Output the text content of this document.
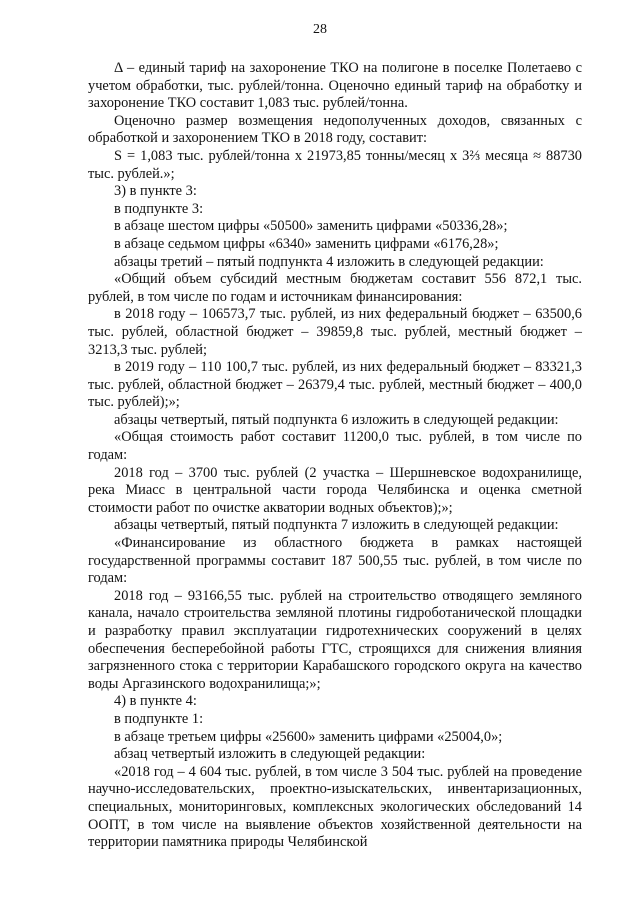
28

Δ – единый тариф на захоронение ТКО на полигоне в поселке Полетаево с учетом обработки, тыс. рублей/тонна. Оценочно единый тариф на обработку и захоронение ТКО составит 1,083 тыс. рублей/тонна.

Оценочно размер возмещения недополученных доходов, связанных с обработкой и захоронением ТКО в 2018 году, составит:

S = 1,083 тыс. рублей/тонна х 21973,85 тонны/месяц х 3⅔ месяца ≈ 88730 тыс. рублей.»;

3) в пункте 3:

в подпункте 3:

в абзаце шестом цифры «50500» заменить цифрами «50336,28»;

в абзаце седьмом цифры «6340» заменить цифрами «6176,28»;

абзацы третий – пятый подпункта 4 изложить в следующей редакции:

«Общий объем субсидий местным бюджетам составит 556 872,1 тыс. рублей, в том числе по годам и источникам финансирования:

в 2018 году – 106573,7 тыс. рублей, из них федеральный бюджет – 63500,6 тыс. рублей, областной бюджет – 39859,8 тыс. рублей, местный бюджет – 3213,3 тыс. рублей;

в 2019 году – 110 100,7 тыс. рублей, из них федеральный бюджет – 83321,3 тыс. рублей, областной бюджет – 26379,4 тыс. рублей, местный бюджет – 400,0 тыс. рублей);»;

абзацы четвертый, пятый подпункта 6 изложить в следующей редакции:

«Общая стоимость работ составит 11200,0 тыс. рублей, в том числе по годам:

2018 год – 3700 тыс. рублей (2 участка – Шершневское водохранилище, река Миасс в центральной части города Челябинска и оценка сметной стоимости работ по очистке акватории водных объектов);»;

абзацы четвертый, пятый подпункта 7 изложить в следующей редакции:

«Финансирование из областного бюджета в рамках настоящей государственной программы составит 187 500,55 тыс. рублей, в том числе по годам:

2018 год – 93166,55 тыс. рублей на строительство отводящего земляного канала, начало строительства земляной плотины гидроботанической площадки и разработку правил эксплуатации гидротехнических сооружений в целях обеспечения бесперебойной работы ГТС, строящихся для снижения влияния загрязненного стока с территории Карабашского городского округа на качество воды Аргазинского водохранилища;»;

4) в пункте 4:

в подпункте 1:

в абзаце третьем цифры «25600» заменить цифрами «25004,0»;

абзац четвертый изложить в следующей редакции:

«2018 год – 4 604 тыс. рублей, в том числе 3 504 тыс. рублей на проведение научно-исследовательских, проектно-изыскательских, инвентаризационных, специальных, мониторинговых, комплексных экологических обследований 14 ООПТ, в том числе на выявление объектов хозяйственной деятельности на территории памятника природы Челябинской
